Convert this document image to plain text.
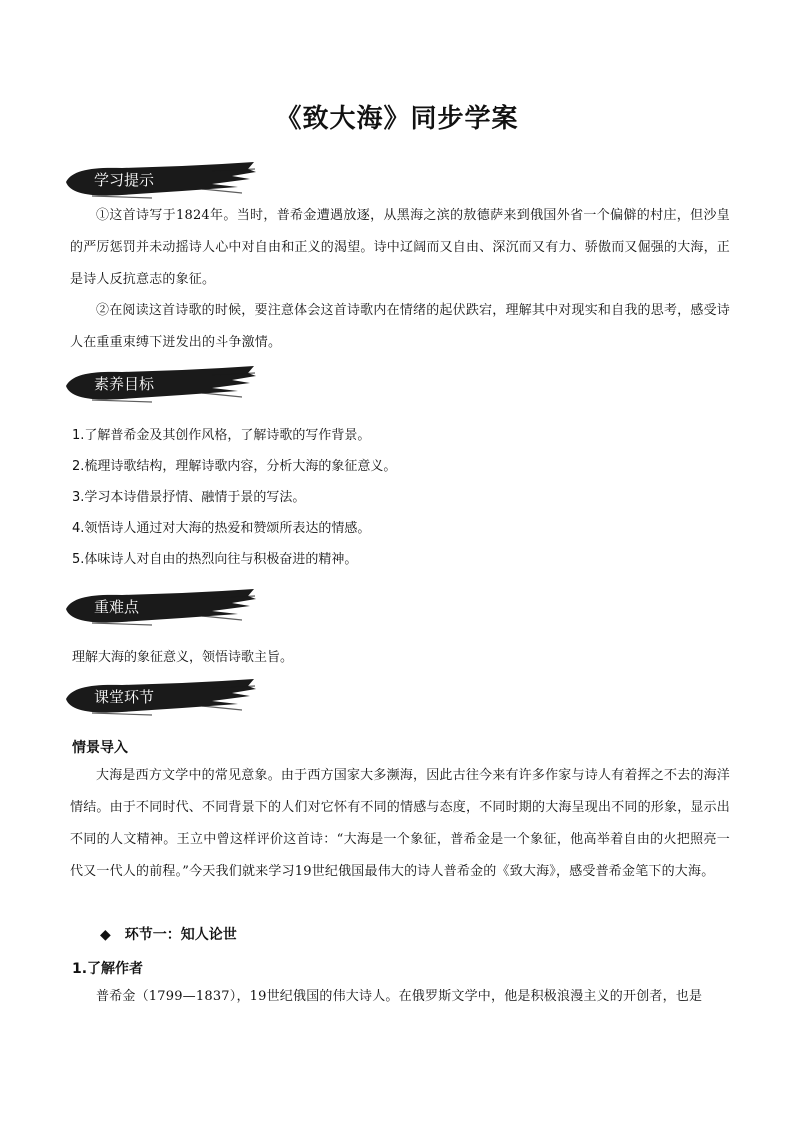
《致大海》同步学案
学习提示

①这首诗写于1824年。当时，普希金遭遇放逐，从黑海之滨的敖德萨来到俄国外省一个偏僻的村庄，但沙皇的严厉惩罚并未动摇诗人心中对自由和正义的渴望。诗中辽阔而又自由、深沉而又有力、骄傲而又倔强的大海，正是诗人反抗意志的象征。

②在阅读这首诗歌的时候，要注意体会这首诗歌内在情绪的起伏跌宕，理解其中对现实和自我的思考，感受诗人在重重束缚下迸发出的斗争激情。

素养目标
1.了解普希金及其创作风格，了解诗歌的写作背景。
2.梳理诗歌结构，理解诗歌内容，分析大海的象征意义。
3.学习本诗借景抒情、融情于景的写法。
4.领悟诗人通过对大海的热爱和赞颂所表达的情感。
5.体味诗人对自由的热烈向往与积极奋进的精神。
重难点
理解大海的象征意义，领悟诗歌主旨。
课堂环节
情景导入

大海是西方文学中的常见意象。由于西方国家大多濒海，因此古往今来有许多作家与诗人有着挥之不去的海洋情结。由于不同时代、不同背景下的人们对它怀有不同的情感与态度，不同时期的大海呈现出不同的形象，显示出不同的人文精神。王立中曾这样评价这首诗：“大海是一个象征，普希金是一个象征，他高举着自由的火把照亮一代又一代人的前程。”今天我们就来学习19世纪俄国最伟大的诗人普希金的《致大海》，感受普希金笔下的大海。

◆ 环节一：知人论世
1.了解作者

普希金（1799—1837），19世纪俄国的伟大诗人。在俄罗斯文学中，他是积极浪漫主义的开创者，也是
